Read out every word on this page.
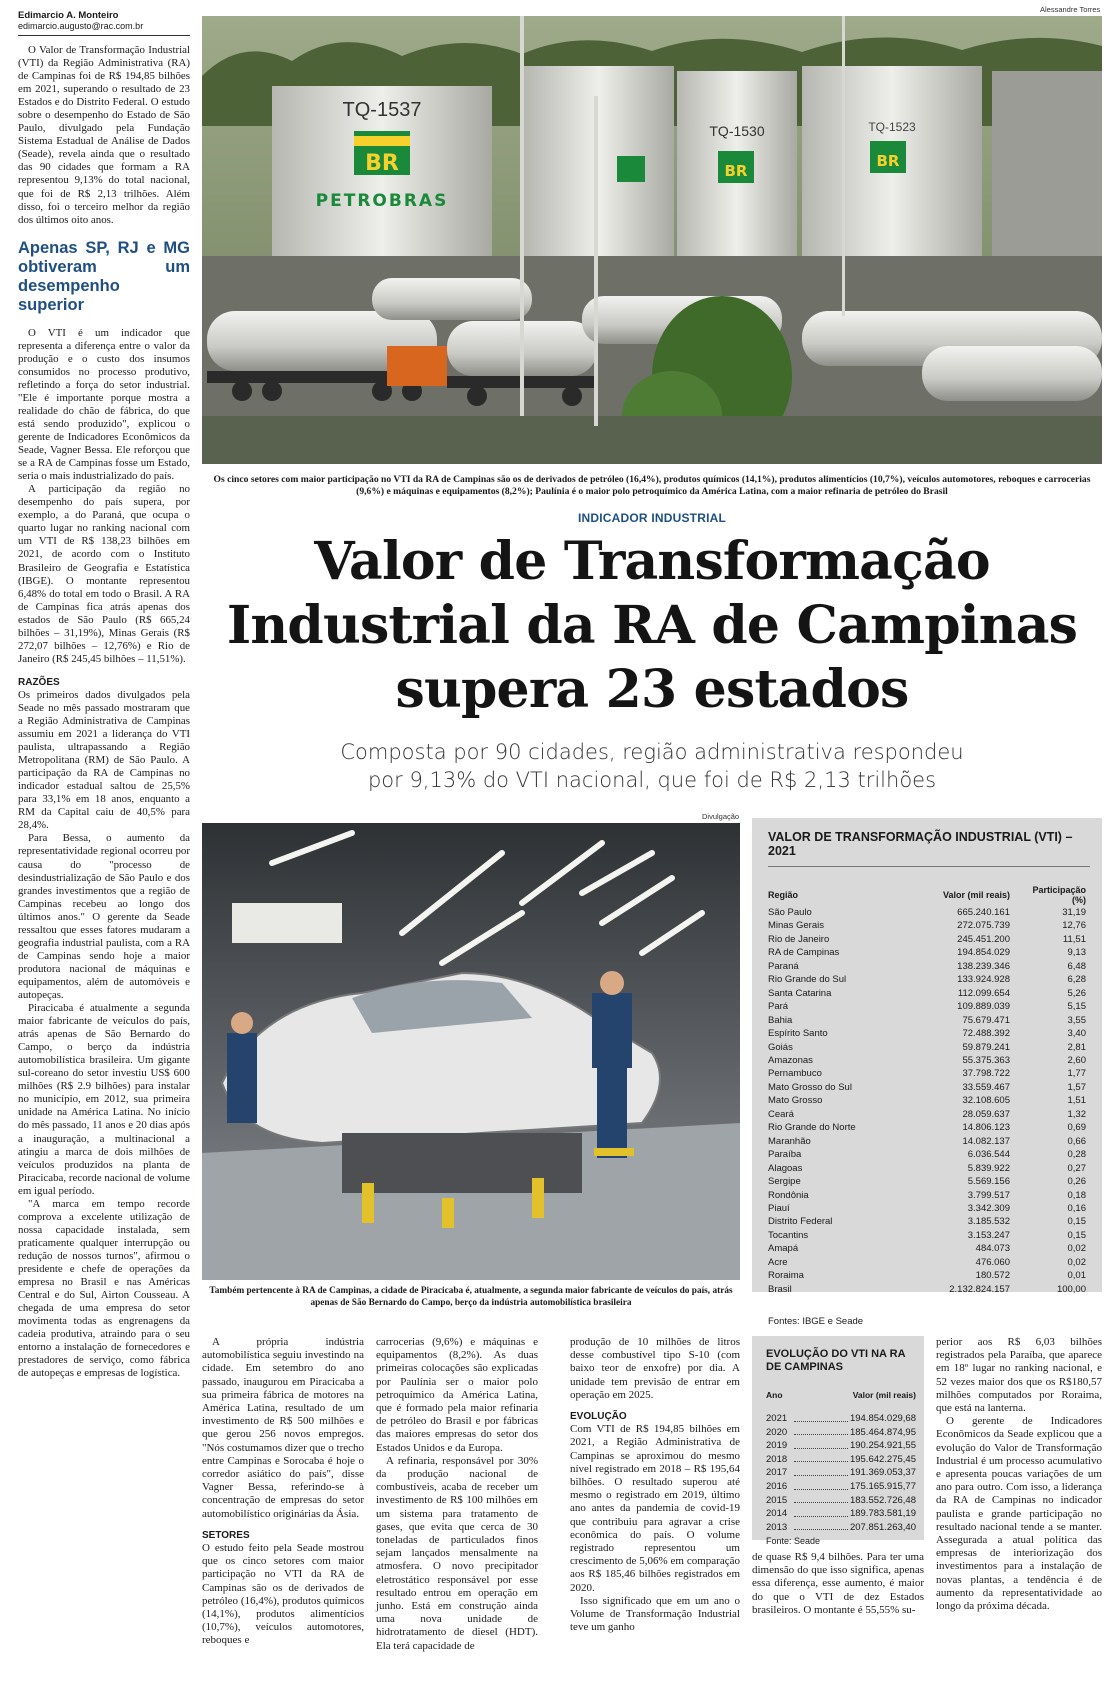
Edimarcio A. Monteiro
edimarcio.augusto@rac.com.br

O Valor de Transformação Industrial (VTI) da Região Administrativa (RA) de Campinas foi de R$ 194,85 bilhões em 2021, superando o resultado de 23 Estados e do Distrito Federal. O estudo sobre o desempenho do Estado de São Paulo, divulgado pela Fundação Sistema Estadual de Análise de Dados (Seade), revela ainda que o resultado das 90 cidades que formam a RA representou 9,13% do total nacional, que foi de R$ 2,13 trilhões. Além disso, foi o terceiro melhor da região dos últimos oito anos.

Apenas SP, RJ e MG obtiveram um desempenho superior

O VTI é um indicador que representa a diferença entre o valor da produção e o custo dos insumos consumidos no processo produtivo, refletindo a força do setor industrial. "Ele é importante porque mostra a realidade do chão de fábrica, do que está sendo produzido", explicou o gerente de Indicadores Econômicos da Seade, Vagner Bessa. Ele reforçou que se a RA de Campinas fosse um Estado, seria o mais industrializado do país.

A participação da região no desempenho do país supera, por exemplo, a do Paraná, que ocupa o quarto lugar no ranking nacional com um VTI de R$ 138,23 bilhões em 2021, de acordo com o Instituto Brasileiro de Geografia e Estatística (IBGE). O montante representou 6,48% do total em todo o Brasil. A RA de Campinas fica atrás apenas dos estados de São Paulo (R$ 665,24 bilhões – 31,19%), Minas Gerais (R$ 272,07 bilhões – 12,76%) e Rio de Janeiro (R$ 245,45 bilhões – 11,51%).

RAZÕES

Os primeiros dados divulgados pela Seade no mês passado mostraram que a Região Administrativa de Campinas assumiu em 2021 a liderança do VTI paulista, ultrapassando a Região Metropolitana (RM) de São Paulo. A participação da RA de Campinas no indicador estadual saltou de 25,5% para 33,1% em 18 anos, enquanto a RM da Capital caiu de 40,5% para 28,4%.

Para Bessa, o aumento da representatividade regional ocorreu por causa do "processo de desindustrialização de São Paulo e dos grandes investimentos que a região de Campinas recebeu ao longo dos últimos anos." O gerente da Seade ressaltou que esses fatores mudaram a geografia industrial paulista, com a RA de Campinas sendo hoje a maior produtora nacional de máquinas e equipamentos, além de automóveis e autopeças.

Piracicaba é atualmente a segunda maior fabricante de veículos do país, atrás apenas de São Bernardo do Campo, o berço da indústria automobilística brasileira. Um gigante sul-coreano do setor investiu US$ 600 milhões (R$ 2.9 bilhões) para instalar no município, em 2012, sua primeira unidade na América Latina. No início do mês passado, 11 anos e 20 dias após a inauguração, a multinacional a atingiu a marca de dois milhões de veículos produzidos na planta de Piracicaba, recorde nacional de volume em igual período.

"A marca em tempo recorde comprova a excelente utilização de nossa capacidade instalada, sem praticamente qualquer interrupção ou redução de nossos turnos", afirmou o presidente e chefe de operações da empresa no Brasil e nas Américas Central e do Sul, Airton Cousseau. A chegada de uma empresa do setor movimenta todas as engrenagens da cadeia produtiva, atraindo para o seu entorno a instalação de fornecedores e prestadores de serviço, como fábrica de autopeças e empresas de logística.

Alessandre Torres
TQ-1537
TQ-1530	TQ-1523
BR
PETROBRAS
BR
BR
Os cinco setores com maior participação no VTI da RA de Campinas são os de derivados de petróleo (16,4%), produtos químicos (14,1%), produtos alimentícios (10,7%), veículos automotores, reboques e carrocerias (9,6%) e máquinas e equipamentos (8,2%); Paulínia é o maior polo petroquímico da América Latina, com a maior refinaria de petróleo do Brasil
INDICADOR INDUSTRIAL
Valor de Transformação
Industrial da RA de Campinas
supera 23 estados
Composta por 90 cidades, região administrativa respondeu
por 9,13% do VTI nacional, que foi de R$ 2,13 trilhões
Divulgação
Também pertencente à RA de Campinas, a cidade de Piracicaba é, atualmente, a segunda maior fabricante de veículos do país, atrás apenas de São Bernardo do Campo, berço da indústria automobilística brasileira
VALOR DE TRANSFORMAÇÃO INDUSTRIAL (VTI) – 2021
Região	Valor (mil reais)	Participação (%)
São Paulo	665.240.161	31,19
Minas Gerais	272.075.739	12,76
Rio de Janeiro	245.451.200	11,51
RA de Campinas	194.854.029	9,13
Paraná	138.239.346	6,48
Rio Grande do Sul	133.924.928	6,28
Santa Catarina	112.099.654	5,26
Pará	109.889.039	5,15
Bahia	75.679.471	3,55
Espírito Santo	72.488.392	3,40
Goiás	59.879.241	2,81
Amazonas	55.375.363	2,60
Pernambuco	37.798.722	1,77
Mato Grosso do Sul	33.559.467	1,57
Mato Grosso	32.108.605	1,51
Ceará	28.059.637	1,32
Rio Grande do Norte	14.806.123	0,69
Maranhão	14.082.137	0,66
Paraíba	6.036.544	0,28
Alagoas	5.839.922	0,27
Sergipe	5.569.156	0,26
Rondônia	3.799.517	0,18
Piauí	3.342.309	0,16
Distrito Federal	3.185.532	0,15
Tocantins	3.153.247	0,15
Amapá	484.073	0,02
Acre	476.060	0,02
Roraima	180.572	0,01
Brasil	2.132.824.157	100,00
Fontes: IBGE e Seade

A própria indústria automobilística seguiu investindo na cidade. Em setembro do ano passado, inaugurou em Piracicaba a sua primeira fábrica de motores na América Latina, resultado de um investimento de R$ 500 milhões e que gerou 256 novos empregos. "Nós costumamos dizer que o trecho entre Campinas e Sorocaba é hoje o corredor asiático do país", disse Vagner Bessa, referindo-se à concentração de empresas do setor automobilístico originárias da Ásia.

SETORES

O estudo feito pela Seade mostrou que os cinco setores com maior participação no VTI da RA de Campinas são os de derivados de petróleo (16,4%), produtos químicos (14,1%), produtos alimentícios (10,7%), veículos automotores, reboques e

carrocerias (9,6%) e máquinas e equipamentos (8,2%). As duas primeiras colocações são explicadas por Paulínia ser o maior polo petroquímico da América Latina, que é formado pela maior refinaria de petróleo do Brasil e por fábricas das maiores empresas do setor dos Estados Unidos e da Europa.

A refinaria, responsável por 30% da produção nacional de combustíveis, acaba de receber um investimento de R$ 100 milhões em um sistema para tratamento de gases, que evita que cerca de 30 toneladas de particulados finos sejam lançados mensalmente na atmosfera. O novo precipitador eletrostático responsável por esse resultado entrou em operação em junho. Está em construção ainda uma nova unidade de hidrotratamento de diesel (HDT). Ela terá capacidade de

produção de 10 milhões de litros desse combustível tipo S-10 (com baixo teor de enxofre) por dia. A unidade tem previsão de entrar em operação em 2025.

EVOLUÇÃO

Com VTI de R$ 194,85 bilhões em 2021, a Região Administrativa de Campinas se aproximou do mesmo nível registrado em 2018 – R$ 195,64 bilhões. O resultado superou até mesmo o registrado em 2019, último ano antes da pandemia de covid-19 que contribuiu para agravar a crise econômica do país. O volume registrado representou um crescimento de 5,06% em comparação aos R$ 185,46 bilhões registrados em 2020.

Isso significado que em um ano o Volume de Transformação Industrial teve um ganho

EVOLUÇÃO DO VTI NA RA DE CAMPINAS
Ano	Valor (mil reais)
2021	194.854.029,68
2020	185.464.874,95
2019	190.254.921,55
2018	195.642.275,45
2017	191.369.053,37
2016	175.165.915,77
2015	183.552.726,48
2014	189.783.581,19
2013	207.851.263,40
Fonte: Seade

de quase R$ 9,4 bilhões. Para ter uma dimensão do que isso significa, apenas essa diferença, esse aumento, é maior do que o VTI de dez Estados brasileiros. O montante é 55,55% su-

perior aos R$ 6,03 bilhões registrados pela Paraíba, que aparece em 18º lugar no ranking nacional, e 52 vezes maior dos que os R$180,57 milhões computados por Roraima, que está na lanterna.

O gerente de Indicadores Econômicos da Seade explicou que a evolução do Valor de Transformação Industrial é um processo acumulativo e apresenta poucas variações de um ano para outro. Com isso, a liderança da RA de Campinas no indicador paulista e grande participação no resultado nacional tende a se manter. Assegurada a atual política das empresas de interiorização dos investimentos para a instalação de novas plantas, a tendência é de aumento da representatividade ao longo da próxima década.
